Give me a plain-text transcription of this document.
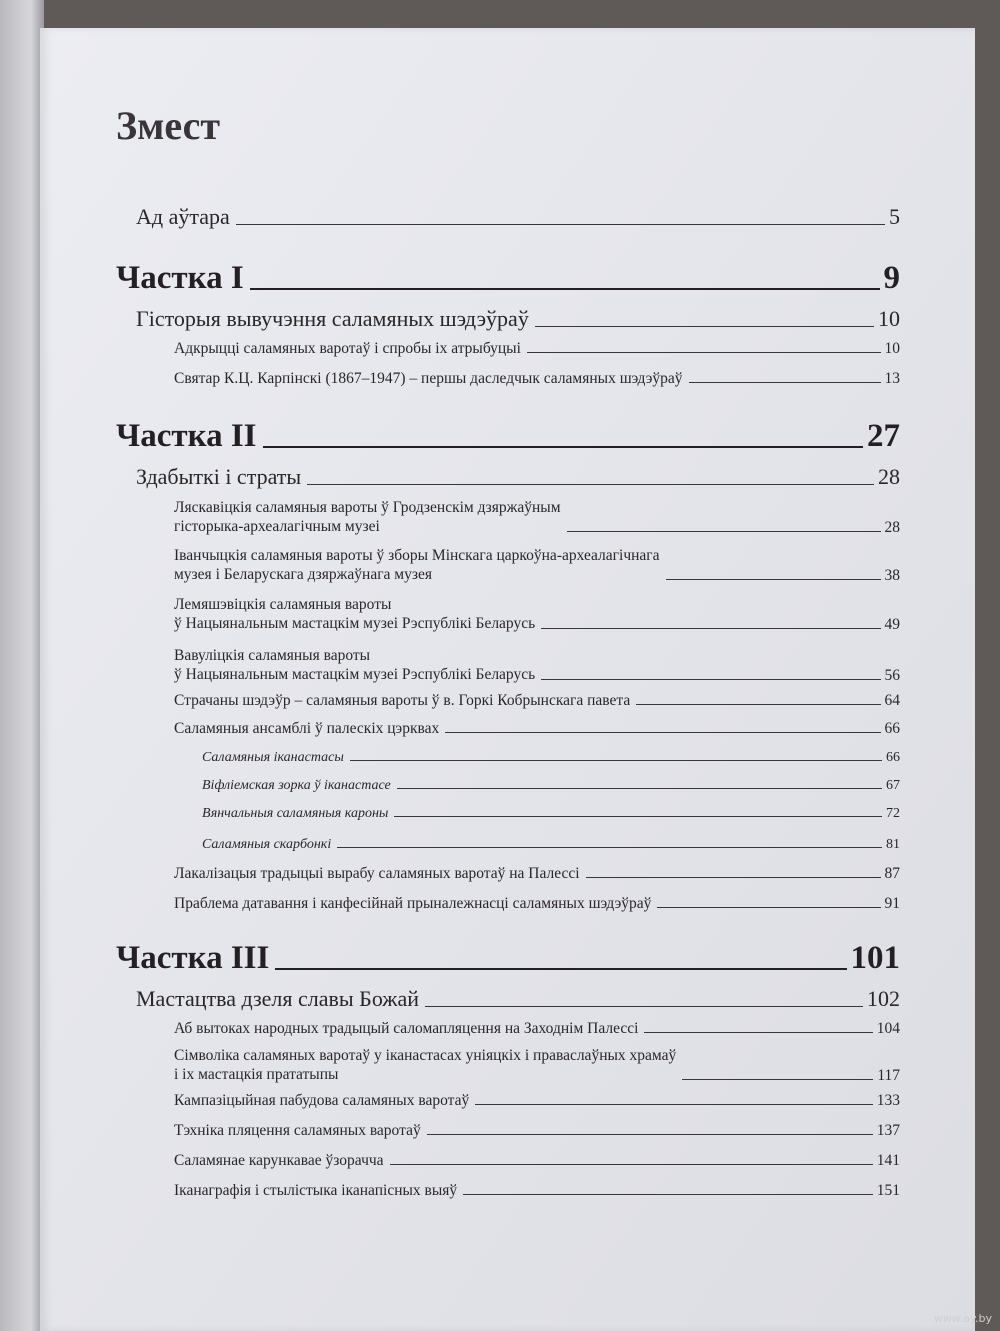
Змест
Ад аўтара	5
Частка I	9
Гісторыя вывучэння саламяных шэдэўраў	10
Адкрыцці саламяных варотаў і спробы іх атрыбуцыі	10
Святар К.Ц. Карпінскі (1867–1947) – першы даследчык саламяных шэдэўраў	13
Частка II	27
Здабыткі і страты	28
Ляскавіцкія саламяныя вароты ў Гродзенскім дзяржаўным
гісторыка-археалагічным музеі	28
Іванчыцкія саламяныя вароты ў зборы Мінскага царкоўна-археалагічнага
музея і Беларускага дзяржаўнага музея	38
Лемяшэвіцкія саламяныя вароты
ў Нацыянальным мастацкім музеі Рэспублікі Беларусь	49
Вавуліцкія саламяныя вароты
ў Нацыянальным мастацкім музеі Рэспублікі Беларусь	56
Страчаны шэдэўр – саламяныя вароты ў в. Горкі Кобрынскага павета	64
Саламяныя ансамблі ў палескіх цэрквах	66
Саламяныя іканастасы	66
Віфліемская зорка ў іканастасе	67
Вянчальныя саламяныя кароны	72
Саламяныя скарбонкі	81
Лакалізацыя традыцыі вырабу саламяных варотаў на Палессі	87
Праблема датавання і канфесійнай прыналежнасці саламяных шэдэўраў	91
Частка III	101
Мастацтва дзеля славы Божай	102
Аб вытоках народных традыцый саломапляцення на Заходнім Палессі	104
Сімволіка саламяных варотаў у іканастасах уніяцкіх і праваслаўных храмаў
і іх мастацкія прататыпы	117
Кампазіцыйная пабудова саламяных варотаў	133
Тэхніка пляцення саламяных варотаў	137
Саламянае карункавае ўзорачча	141
Іканаграфія і стылістыка іканапісных выяў	151
www.ay.by
